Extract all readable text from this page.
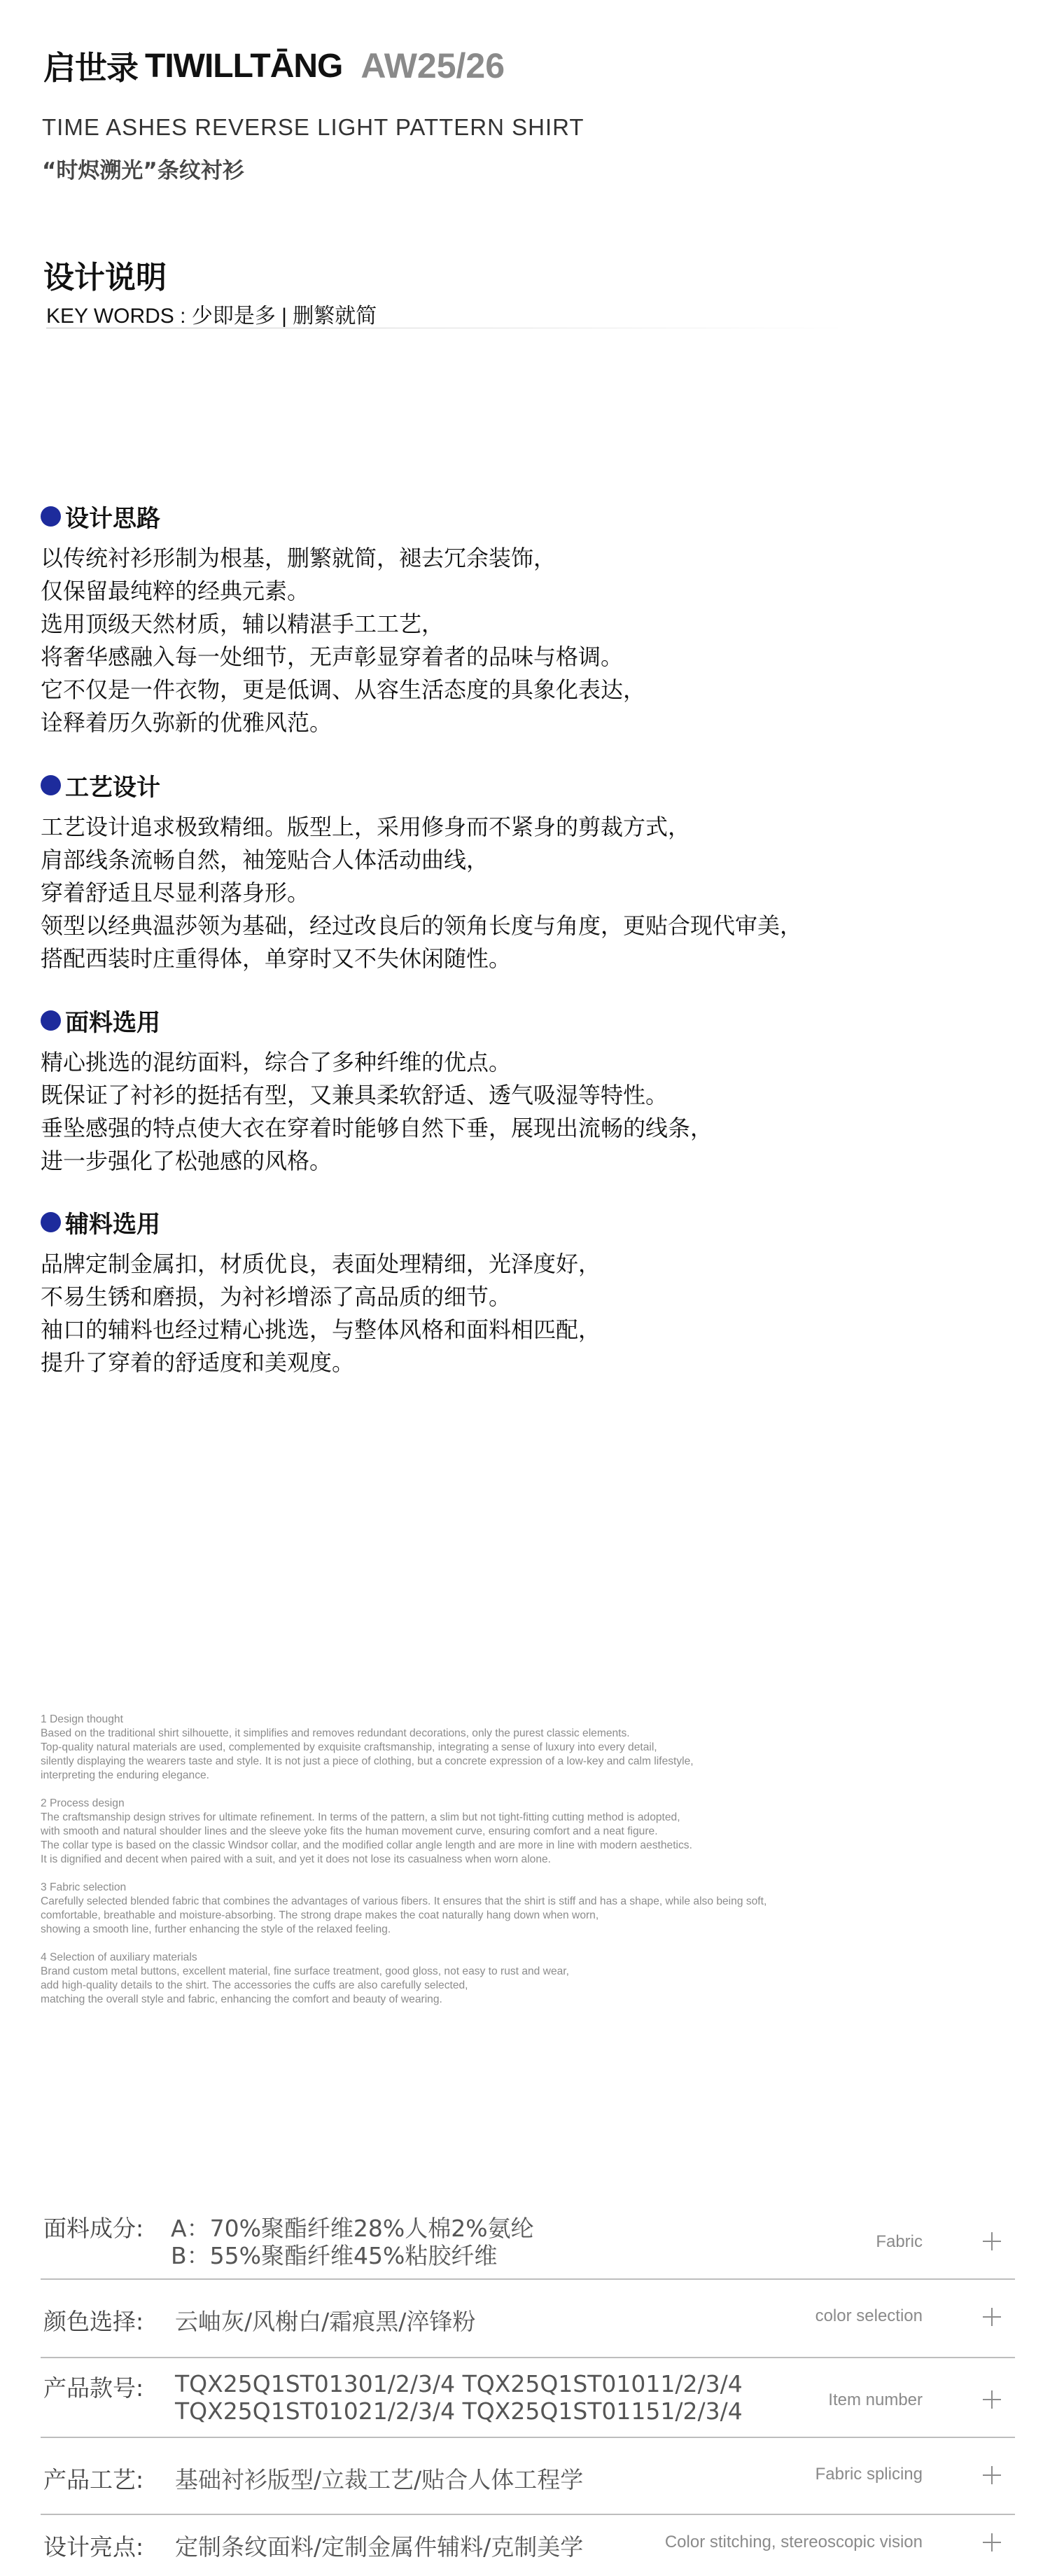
启世录 TIWILLTĀNG AW25/26
TIME ASHES REVERSE LIGHT PATTERN SHIRT
“时烬溯光”条纹衬衫
设计说明
KEY WORDS : 少即是多 | 删繁就简
设计思路
以传统衬衫形制为根基，删繁就简，褪去冗余装饰，
仅保留最纯粹的经典元素。
选用顶级天然材质，辅以精湛手工工艺，
将奢华感融入每一处细节，无声彰显穿着者的品味与格调。
它不仅是一件衣物，更是低调、从容生活态度的具象化表达，
诠释着历久弥新的优雅风范。
工艺设计
工艺设计追求极致精细。版型上，采用修身而不紧身的剪裁方式，
肩部线条流畅自然，袖笼贴合人体活动曲线，
穿着舒适且尽显利落身形。
领型以经典温莎领为基础，经过改良后的领角长度与角度，更贴合现代审美，
搭配西装时庄重得体，单穿时又不失休闲随性。
面料选用
精心挑选的混纺面料，综合了多种纤维的优点。
既保证了衬衫的挺括有型，又兼具柔软舒适、透气吸湿等特性。
垂坠感强的特点使大衣在穿着时能够自然下垂，展现出流畅的线条，
进一步强化了松弛感的风格。
辅料选用
品牌定制金属扣，材质优良，表面处理精细，光泽度好，
不易生锈和磨损，为衬衫增添了高品质的细节。
袖口的辅料也经过精心挑选，与整体风格和面料相匹配，
提升了穿着的舒适度和美观度。
1 Design thought
Based on the traditional shirt silhouette, it simplifies and removes redundant decorations, only the purest classic elements.
Top-quality natural materials are used, complemented by exquisite craftsmanship, integrating a sense of luxury into every detail,
silently displaying the wearers taste and style. It is not just a piece of clothing, but a concrete expression of a low-key and calm lifestyle,
interpreting the enduring elegance.
2 Process design
The craftsmanship design strives for ultimate refinement. In terms of the pattern, a slim but not tight-fitting cutting method is adopted,
with smooth and natural shoulder lines and the sleeve yoke fits the human movement curve, ensuring comfort and a neat figure.
The collar type is based on the classic Windsor collar, and the modified collar angle length and are more in line with modern aesthetics.
It is dignified and decent when paired with a suit, and yet it does not lose its casualness when worn alone.
3 Fabric selection
Carefully selected blended fabric that combines the advantages of various fibers. It ensures that the shirt is stiff and has a shape, while also being soft,
comfortable, breathable and moisture-absorbing. The strong drape makes the coat naturally hang down when worn,
showing a smooth line, further enhancing the style of the relaxed feeling.
4 Selection of auxiliary materials
Brand custom metal buttons, excellent material, fine surface treatment, good gloss, not easy to rust and wear,
add high-quality details to the shirt. The accessories the cuffs are also carefully selected,
matching the overall style and fabric, enhancing the comfort and beauty of wearing.
面料成分: A：70%聚酯纤维28%人棉2%氨纶
B：55%聚酯纤维45%粘胶纤维
Fabric
颜色选择: 云岫灰/风榭白/霜痕黑/淬锋粉	color selection
产品款号: TQX25Q1ST01301/2/3/4 TQX25Q1ST01011/2/3/4
TQX25Q1ST01021/2/3/4 TQX25Q1ST01151/2/3/4	Item number
产品工艺: 基础衬衫版型/立裁工艺/贴合人体工程学	Fabric splicing
设计亮点: 定制条纹面料/定制金属件辅料/克制美学	Color stitching, stereoscopic vision
